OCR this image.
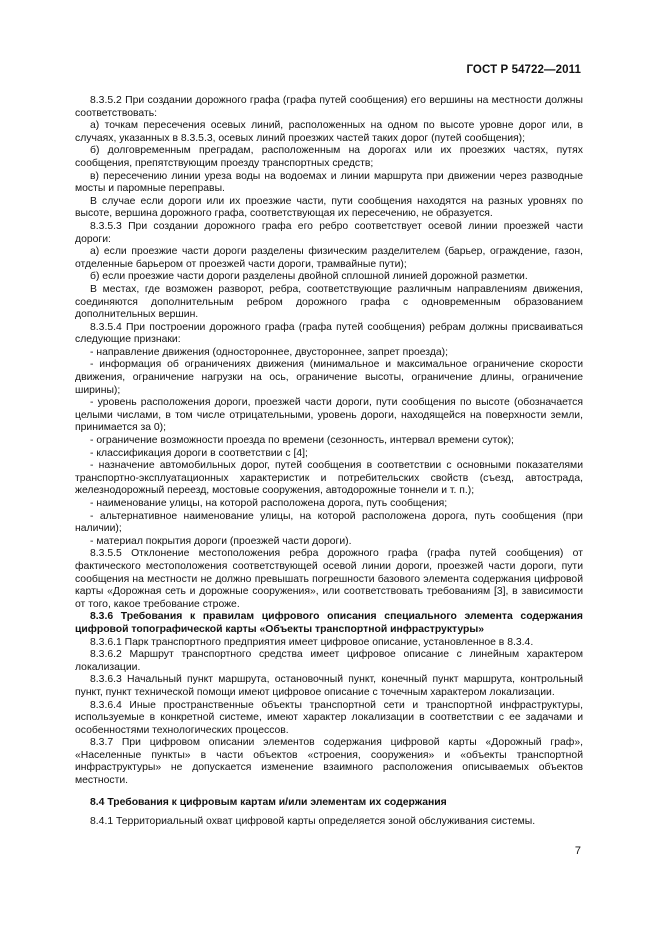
ГОСТ Р 54722—2011

8.3.5.2 При создании дорожного графа (графа путей сообщения) его вершины на местности должны соответствовать:

а) точкам пересечения осевых линий, расположенных на одном по высоте уровне дорог или, в случаях, указанных в 8.3.5.3, осевых линий проезжих частей таких дорог (путей сообщения);

б) долговременным преградам, расположенным на дорогах или их проезжих частях, путях сообщения, препятствующим проезду транспортных средств;

в) пересечению линии уреза воды на водоемах и линии маршрута при движении через разводные мосты и паромные переправы.

В случае если дороги или их проезжие части, пути сообщения находятся на разных уровнях по высоте, вершина дорожного графа, соответствующая их пересечению, не образуется.

8.3.5.3 При создании дорожного графа его ребро соответствует осевой линии проезжей части дороги:

а) если проезжие части дороги разделены физическим разделителем (барьер, ограждение, газон, отделенные барьером от проезжей части дороги, трамвайные пути);

б) если проезжие части дороги разделены двойной сплошной линией дорожной разметки.

В местах, где возможен разворот, ребра, соответствующие различным направлениям движения, соединяются дополнительным ребром дорожного графа с одновременным образованием дополнительных вершин.

8.3.5.4 При построении дорожного графа (графа путей сообщения) ребрам должны присваиваться следующие признаки:

- направление движения (одностороннее, двустороннее, запрет проезда);

- информация об ограничениях движения (минимальное и максимальное ограничение скорости движения, ограничение нагрузки на ось, ограничение высоты, ограничение длины, ограничение ширины);

- уровень расположения дороги, проезжей части дороги, пути сообщения по высоте (обозначается целыми числами, в том числе отрицательными, уровень дороги, находящейся на поверхности земли, принимается за 0);

- ограничение возможности проезда по времени (сезонность, интервал времени суток);

- классификация дороги в соответствии с [4];

- назначение автомобильных дорог, путей сообщения в соответствии с основными показателями транспортно-эксплуатационных характеристик и потребительских свойств (съезд, автострада, железнодорожный переезд, мостовые сооружения, автодорожные тоннели и т. п.);

- наименование улицы, на которой расположена дорога, путь сообщения;

- альтернативное наименование улицы, на которой расположена дорога, путь сообщения (при наличии);

- материал покрытия дороги (проезжей части дороги).

8.3.5.5 Отклонение местоположения ребра дорожного графа (графа путей сообщения) от фактического местоположения соответствующей осевой линии дороги, проезжей части дороги, пути сообщения на местности не должно превышать погрешности базового элемента содержания цифровой карты «Дорожная сеть и дорожные сооружения», или соответствовать требованиям [3], в зависимости от того, какое требование строже.

8.3.6 Требования к правилам цифрового описания специального элемента содержания цифровой топографической карты «Объекты транспортной инфраструктуры»

8.3.6.1 Парк транспортного предприятия имеет цифровое описание, установленное в 8.3.4.

8.3.6.2 Маршрут транспортного средства имеет цифровое описание с линейным характером локализации.

8.3.6.3 Начальный пункт маршрута, остановочный пункт, конечный пункт маршрута, контрольный пункт, пункт технической помощи имеют цифровое описание с точечным характером локализации.

8.3.6.4 Иные пространственные объекты транспортной сети и транспортной инфраструктуры, используемые в конкретной системе, имеют характер локализации в соответствии с ее задачами и особенностями технологических процессов.

8.3.7 При цифровом описании элементов содержания цифровой карты «Дорожный граф», «Населенные пункты» в части объектов «строения, сооружения» и «объекты транспортной инфраструктуры» не допускается изменение взаимного расположения описываемых объектов местности.

8.4 Требования к цифровым картам и/или элементам их содержания

8.4.1 Территориальный охват цифровой карты определяется зоной обслуживания системы.

7
